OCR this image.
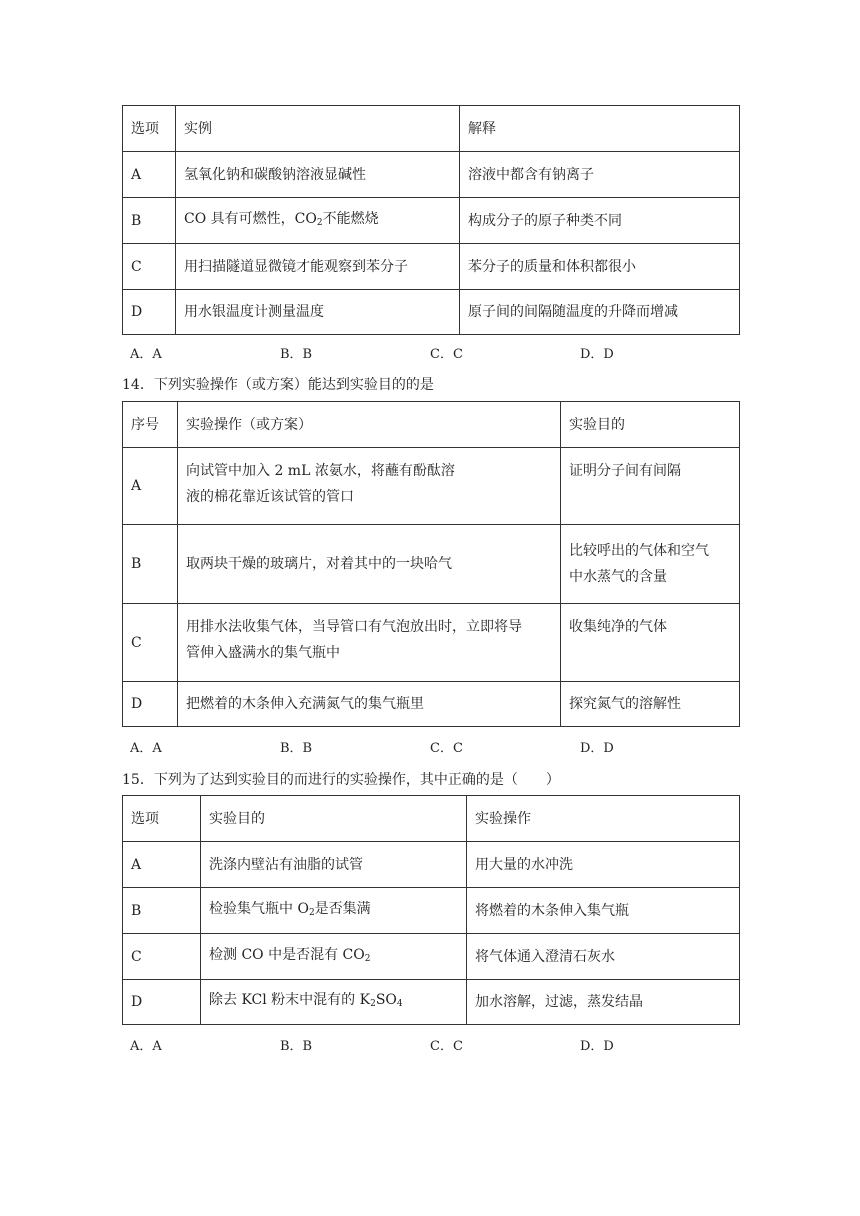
选项	实例	解释
A	氢氧化钠和碳酸钠溶液显碱性	溶液中都含有钠离子
B	CO 具有可燃性，$CO_2$不能燃烧	构成分子的原子种类不同
C	用扫描隧道显微镜才能观察到苯分子	苯分子的质量和体积都很小
D	用水银温度计测量温度	原子间的间隔随温度的升降而增减
A．A	B．B	C．C	D．D
14．下列实验操作（或方案）能达到实验目的的是
序号	实验操作（或方案）	实验目的
A	向试管中加入 2 mL 浓氨水，将蘸有酚酞溶
液的棉花靠近该试管的管口	证明分子间有间隔
B	取两块干燥的玻璃片，对着其中的一块哈气	比较呼出的气体和空气
中水蒸气的含量

C	用排水法收集气体，当导管口有气泡放出时，立即将导
管伸入盛满水的集气瓶中	收集纯净的气体
D	把燃着的木条伸入充满氮气的集气瓶里	探究氮气的溶解性
A．A	B．B	C．C	D．D
15．下列为了达到实验目的而进行的实验操作，其中正确的是（　　）
选项	实验目的	实验操作
A	洗涤内壁沾有油脂的试管	用大量的水冲洗
B	检验集气瓶中 $O_2$是否集满	将燃着的木条伸入集气瓶
C	检测 CO 中是否混有 $CO_2$	将气体通入澄清石灰水
D	除去 KCl 粉末中混有的 $K_2SO_4$	加水溶解，过滤，蒸发结晶
A．A	B．B	C．C	D．D
